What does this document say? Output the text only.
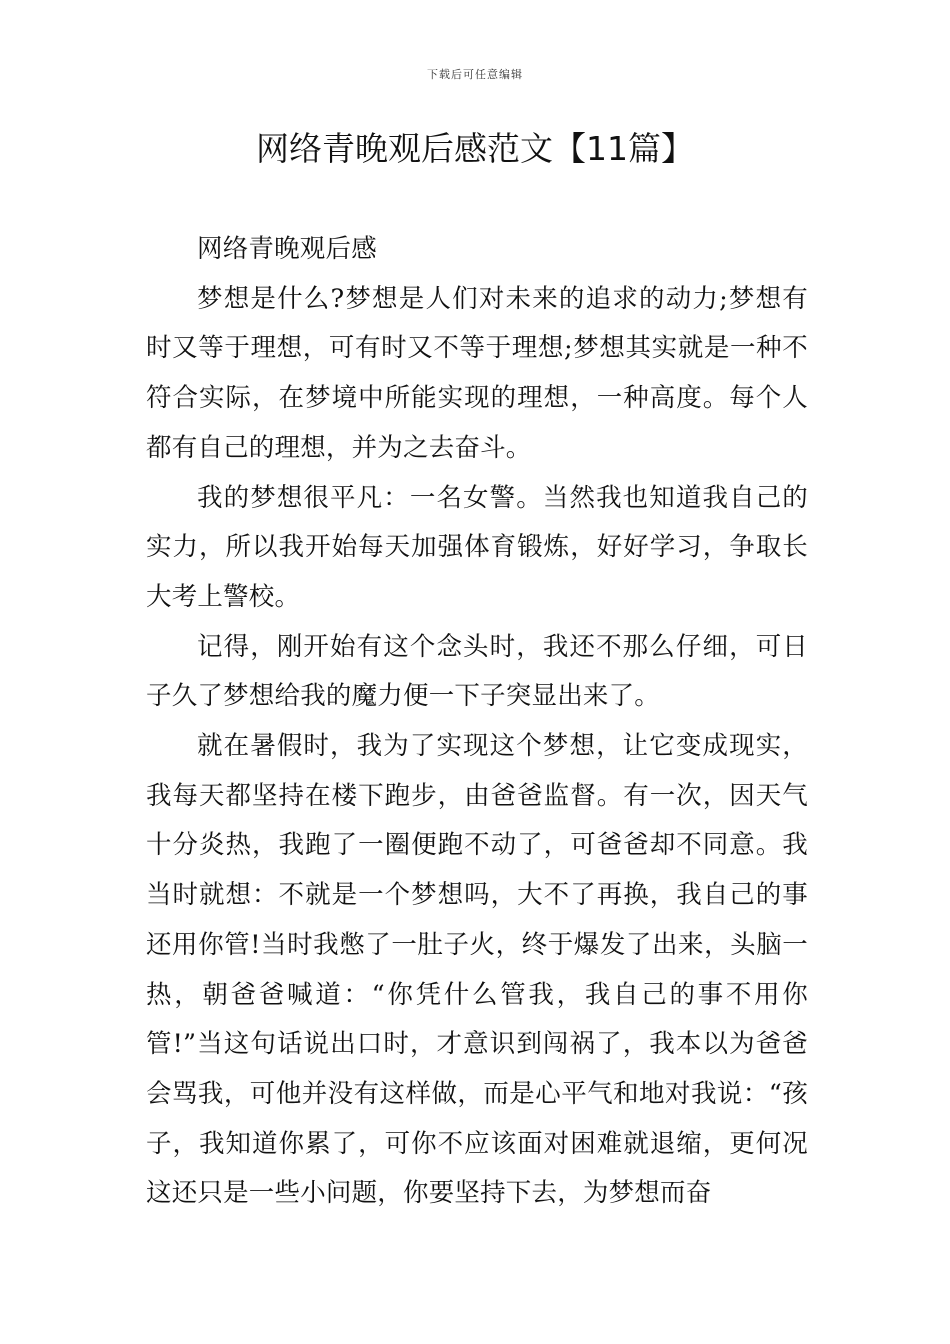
下载后可任意编辑
网络青晚观后感范文【11篇】

网络青晚观后感

梦想是什么?梦想是人们对未来的追求的动力;梦想有时又等于理想，可有时又不等于理想;梦想其实就是一种不符合实际，在梦境中所能实现的理想，一种高度。每个人都有自己的理想，并为之去奋斗。

我的梦想很平凡：一名女警。当然我也知道我自己的实力，所以我开始每天加强体育锻炼，好好学习，争取长大考上警校。

记得，刚开始有这个念头时，我还不那么仔细，可日子久了梦想给我的魔力便一下子突显出来了。

就在暑假时，我为了实现这个梦想，让它变成现实，我每天都坚持在楼下跑步，由爸爸监督。有一次，因天气十分炎热，我跑了一圈便跑不动了，可爸爸却不同意。我当时就想：不就是一个梦想吗，大不了再换，我自己的事还用你管!当时我憋了一肚子火，终于爆发了出来，头脑一热，朝爸爸喊道：“你凭什么管我，我自己的事不用你管!”当这句话说出口时，才意识到闯祸了，我本以为爸爸会骂我，可他并没有这样做，而是心平气和地对我说：“孩子，我知道你累了，可你不应该面对困难就退缩，更何况这还只是一些小问题，你要坚持下去，为梦想而奋
